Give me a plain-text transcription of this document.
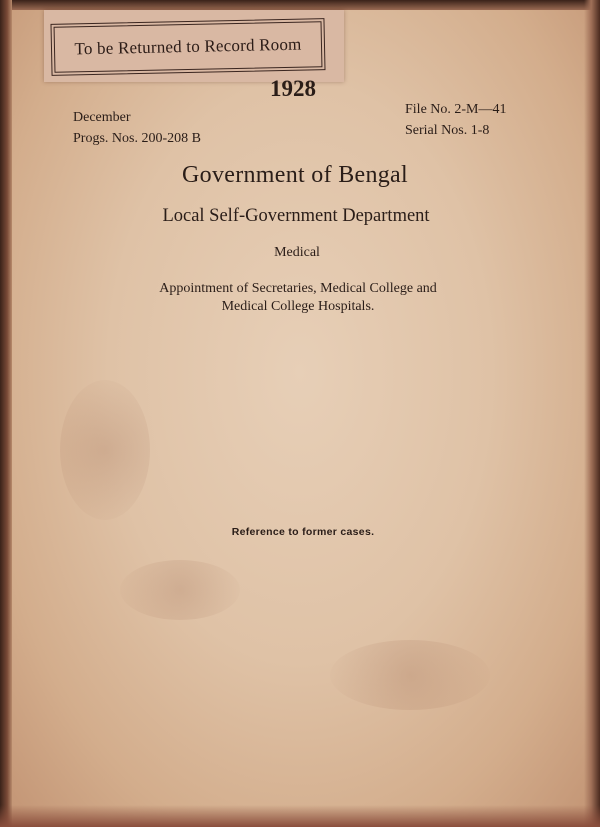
To be Returned to Record Room
1928
December
Progs. Nos. 200-208 B
File No. 2-M—41
Serial Nos. 1-8
Government of Bengal
Local Self-Government Department
Medical
Appointment of Secretaries, Medical College and
Medical College Hospitals.
Reference to former cases.
